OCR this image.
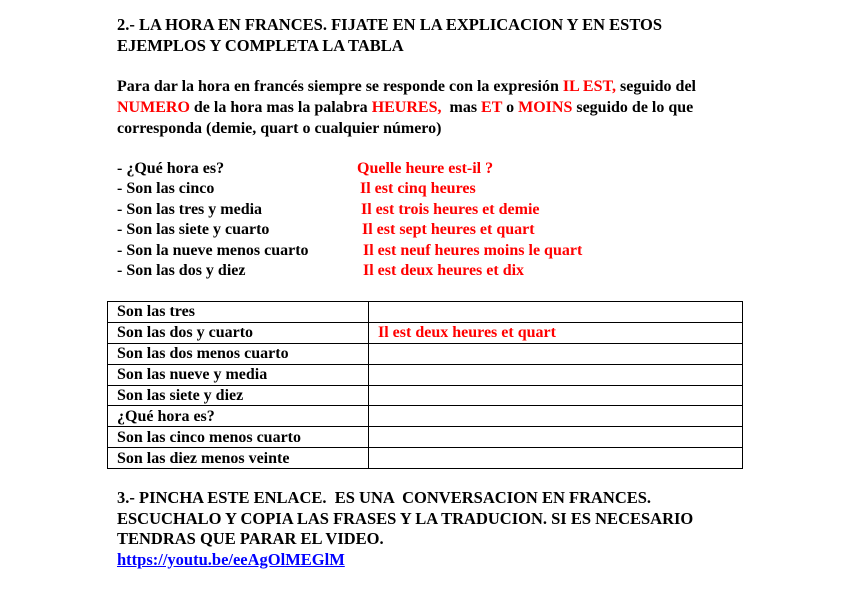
2.- LA HORA EN FRANCES. FIJATE EN LA EXPLICACION Y EN ESTOS
EJEMPLOS Y COMPLETA LA TABLA

Para dar la hora en francés siempre se responde con la expresión IL EST, seguido del NUMERO de la hora mas la palabra HEURES,  mas ET o MOINS seguido de lo que corresponda (demie, quart o cualquier número)

- ¿Qué hora es?	Quelle heure est-il ?
- Son las cinco	Il est cinq heures
- Son las tres y media	Il est trois heures et demie
- Son las siete y cuarto	Il est sept heures et quart
- Son la nueve menos cuarto	Il est neuf heures moins le quart
- Son las dos y diez	Il est deux heures et dix
Son las tres	
Son las dos y cuarto	Il est deux heures et quart
Son las dos menos cuarto	
Son las nueve y media	
Son las siete y diez	
¿Qué hora es?	
Son las cinco menos cuarto	
Son las diez menos veinte	
3.- PINCHA ESTE ENLACE.  ES UNA  CONVERSACION EN FRANCES.
ESCUCHALO Y COPIA LAS FRASES Y LA TRADUCION. SI ES NECESARIO
TENDRAS QUE PARAR EL VIDEO.
https://youtu.be/eeAgOlMEGlM
